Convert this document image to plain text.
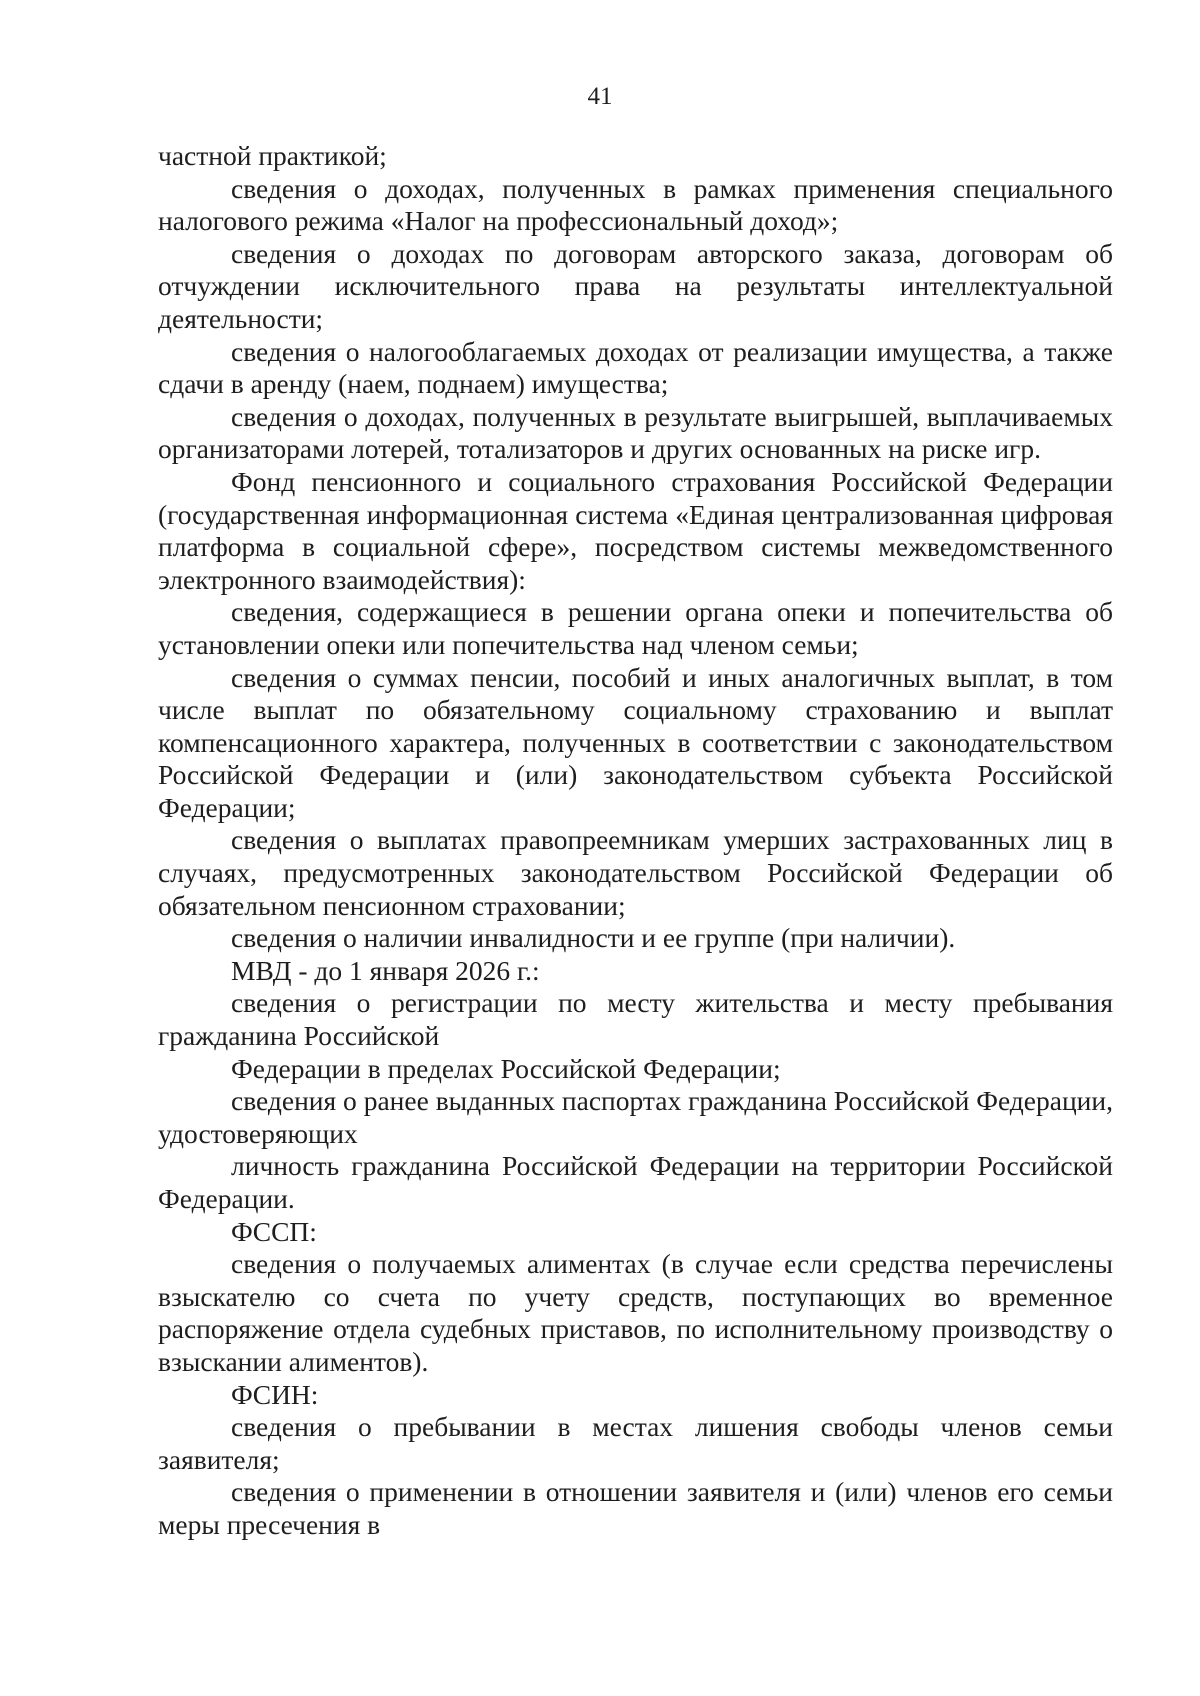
41

частной практикой;

сведения о доходах, полученных в рамках применения специального налогового режима «Налог на профессиональный доход»;

сведения о доходах по договорам авторского заказа, договорам об отчуждении исключительного права на результаты интеллектуальной деятельности;

сведения о налогооблагаемых доходах от реализации имущества, а также сдачи в аренду (наем, поднаем) имущества;

сведения о доходах, полученных в результате выигрышей, выплачиваемых организаторами лотерей, тотализаторов и других основанных на риске игр.

Фонд пенсионного и социального страхования Российской Федерации (государственная информационная система «Единая централизованная цифровая платформа в социальной сфере», посредством системы межведомственного электронного взаимодействия):

сведения, содержащиеся в решении органа опеки и попечительства об установлении опеки или попечительства над членом семьи;

сведения о суммах пенсии, пособий и иных аналогичных выплат, в том числе выплат по обязательному социальному страхованию и выплат компенсационного характера, полученных в соответствии с законодательством Российской Федерации и (или) законодательством субъекта Российской Федерации;

сведения о выплатах правопреемникам умерших застрахованных лиц в случаях, предусмотренных законодательством Российской Федерации об обязательном пенсионном страховании;

сведения о наличии инвалидности и ее группе (при наличии).

МВД - до 1 января 2026 г.:

сведения о регистрации по месту жительства и месту пребывания гражданина Российской

Федерации в пределах Российской Федерации;

сведения о ранее выданных паспортах гражданина Российской Федерации, удостоверяющих

личность гражданина Российской Федерации на территории Российской Федерации.

ФССП:

сведения о получаемых алиментах (в случае если средства перечислены взыскателю со счета по учету средств, поступающих во временное распоряжение отдела судебных приставов, по исполнительному производству о взыскании алиментов).

ФСИН:

сведения о пребывании в местах лишения свободы членов семьи заявителя;

сведения о применении в отношении заявителя и (или) членов его семьи меры пресечения в
